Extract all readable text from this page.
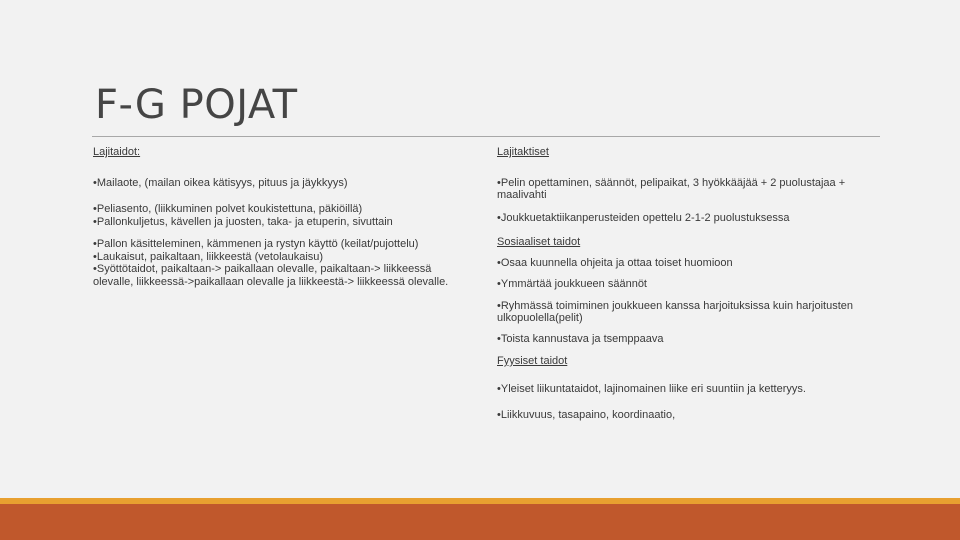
F-G POJAT
Lajitaidot:
•Mailaote, (mailan oikea kätisyys, pituus ja jäykkyys)
•Peliasento, (liikkuminen polvet koukistettuna, päkiöillä)
•Pallonkuljetus, kävellen ja juosten, taka- ja etuperin, sivuttain
•Pallon käsitteleminen, kämmenen ja rystyn käyttö (keilat/pujottelu)
•Laukaisut, paikaltaan, liikkeestä (vetolaukaisu)
•Syöttötaidot, paikaltaan-> paikallaan olevalle, paikaltaan-> liikkeessä olevalle, liikkeessä->paikallaan olevalle ja liikkeestä-> liikkeessä olevalle.
Lajitaktiset
•Pelin opettaminen, säännöt, pelipaikat, 3 hyökkääjää + 2 puolustajaa + maalivahti
•Joukkuetaktiikanperusteiden opettelu 2-1-2 puolustuksessa
Sosiaaliset taidot
•Osaa kuunnella ohjeita ja ottaa toiset huomioon
•Ymmärtää joukkueen säännöt
•Ryhmässä toimiminen joukkueen kanssa harjoituksissa kuin harjoitusten ulkopuolella(pelit)
•Toista kannustava ja tsemppaava
Fyysiset taidot
•Yleiset liikuntataidot, lajinomainen liike eri suuntiin ja ketteryys.
•Liikkuvuus, tasapaino, koordinaatio,
